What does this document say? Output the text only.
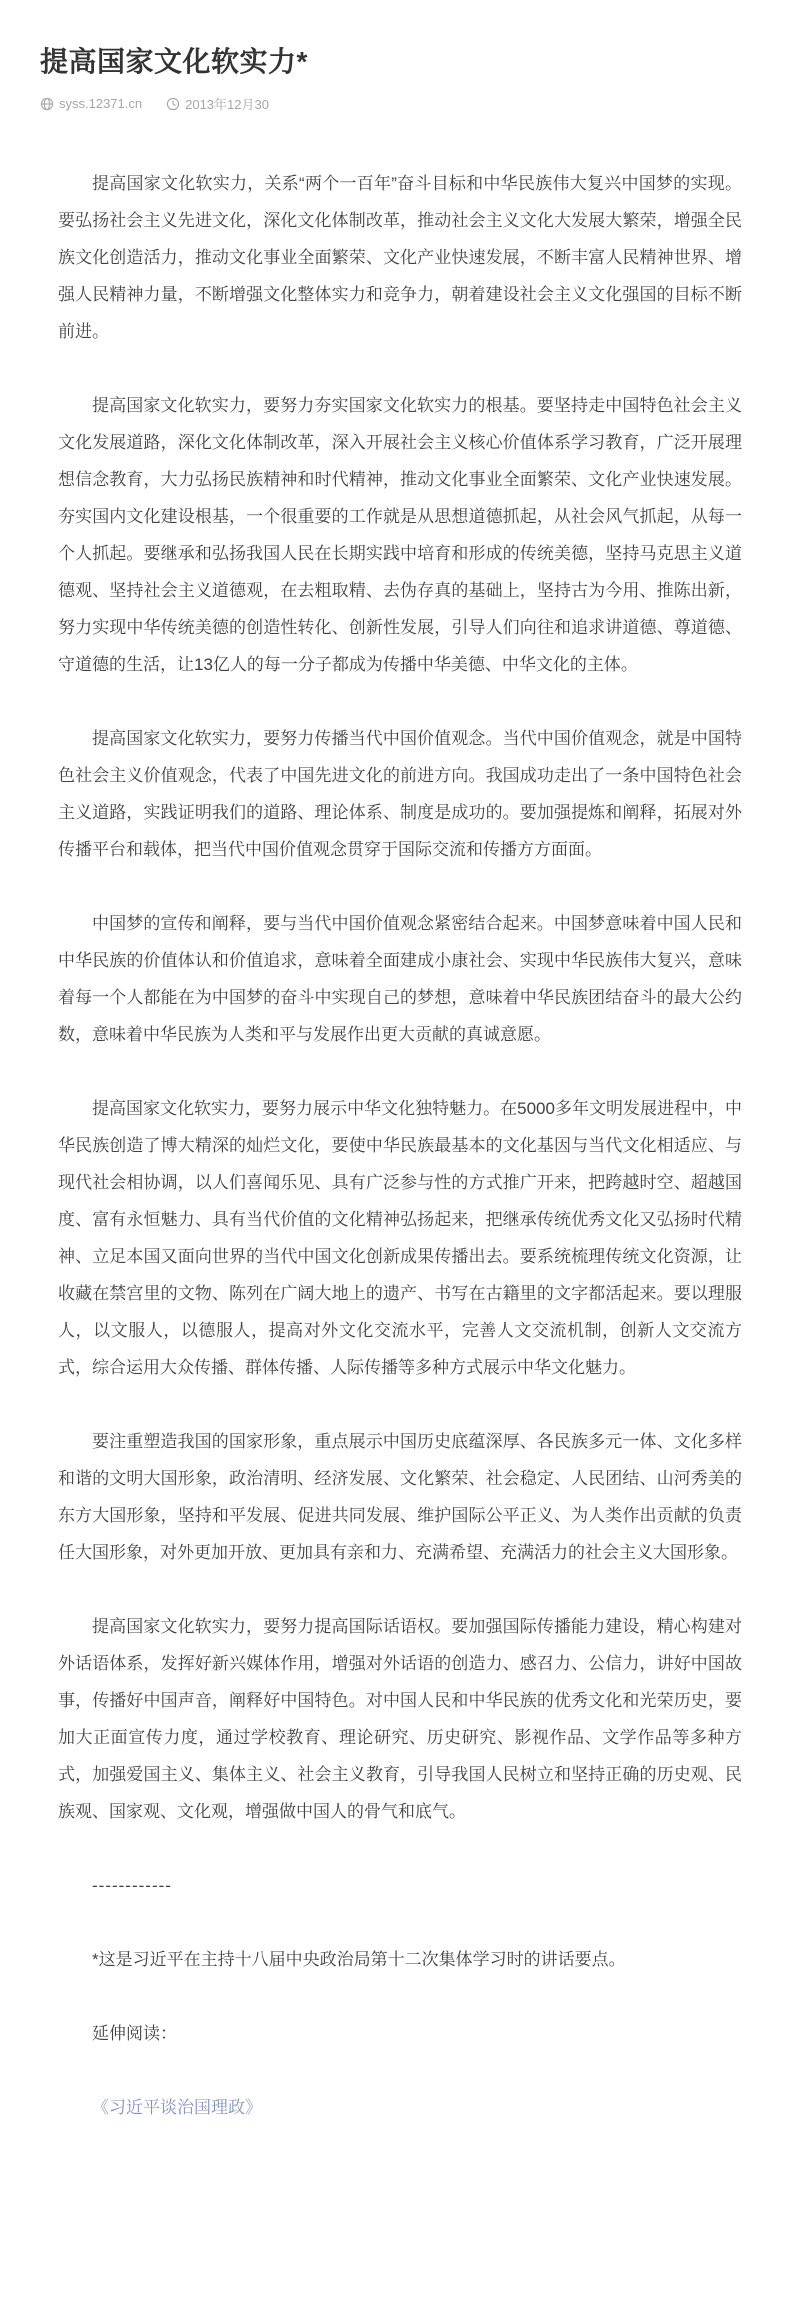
提高国家文化软实力*
syss.12371.cn	2013年12月30

提高国家文化软实力，关系“两个一百年”奋斗目标和中华民族伟大复兴中国梦的实现。要弘扬社会主义先进文化，深化文化体制改革，推动社会主义文化大发展大繁荣，增强全民族文化创造活力，推动文化事业全面繁荣、文化产业快速发展，不断丰富人民精神世界、增强人民精神力量，不断增强文化整体实力和竞争力，朝着建设社会主义文化强国的目标不断前进。

提高国家文化软实力，要努力夯实国家文化软实力的根基。要坚持走中国特色社会主义文化发展道路，深化文化体制改革，深入开展社会主义核心价值体系学习教育，广泛开展理想信念教育，大力弘扬民族精神和时代精神，推动文化事业全面繁荣、文化产业快速发展。夯实国内文化建设根基，一个很重要的工作就是从思想道德抓起，从社会风气抓起，从每一个人抓起。要继承和弘扬我国人民在长期实践中培育和形成的传统美德，坚持马克思主义道德观、坚持社会主义道德观，在去粗取精、去伪存真的基础上，坚持古为今用、推陈出新，努力实现中华传统美德的创造性转化、创新性发展，引导人们向往和追求讲道德、尊道德、守道德的生活，让13亿人的每一分子都成为传播中华美德、中华文化的主体。

提高国家文化软实力，要努力传播当代中国价值观念。当代中国价值观念，就是中国特色社会主义价值观念，代表了中国先进文化的前进方向。我国成功走出了一条中国特色社会主义道路，实践证明我们的道路、理论体系、制度是成功的。要加强提炼和阐释，拓展对外传播平台和载体，把当代中国价值观念贯穿于国际交流和传播方方面面。

中国梦的宣传和阐释，要与当代中国价值观念紧密结合起来。中国梦意味着中国人民和中华民族的价值体认和价值追求，意味着全面建成小康社会、实现中华民族伟大复兴，意味着每一个人都能在为中国梦的奋斗中实现自己的梦想，意味着中华民族团结奋斗的最大公约数，意味着中华民族为人类和平与发展作出更大贡献的真诚意愿。

提高国家文化软实力，要努力展示中华文化独特魅力。在5000多年文明发展进程中，中华民族创造了博大精深的灿烂文化，要使中华民族最基本的文化基因与当代文化相适应、与现代社会相协调，以人们喜闻乐见、具有广泛参与性的方式推广开来，把跨越时空、超越国度、富有永恒魅力、具有当代价值的文化精神弘扬起来，把继承传统优秀文化又弘扬时代精神、立足本国又面向世界的当代中国文化创新成果传播出去。要系统梳理传统文化资源，让收藏在禁宫里的文物、陈列在广阔大地上的遗产、书写在古籍里的文字都活起来。要以理服人，以文服人，以德服人，提高对外文化交流水平，完善人文交流机制，创新人文交流方式，综合运用大众传播、群体传播、人际传播等多种方式展示中华文化魅力。

要注重塑造我国的国家形象，重点展示中国历史底蕴深厚、各民族多元一体、文化多样和谐的文明大国形象，政治清明、经济发展、文化繁荣、社会稳定、人民团结、山河秀美的东方大国形象，坚持和平发展、促进共同发展、维护国际公平正义、为人类作出贡献的负责任大国形象，对外更加开放、更加具有亲和力、充满希望、充满活力的社会主义大国形象。

提高国家文化软实力，要努力提高国际话语权。要加强国际传播能力建设，精心构建对外话语体系，发挥好新兴媒体作用，增强对外话语的创造力、感召力、公信力，讲好中国故事，传播好中国声音，阐释好中国特色。对中国人民和中华民族的优秀文化和光荣历史，要加大正面宣传力度，通过学校教育、理论研究、历史研究、影视作品、文学作品等多种方式，加强爱国主义、集体主义、社会主义教育，引导我国人民树立和坚持正确的历史观、民族观、国家观、文化观，增强做中国人的骨气和底气。

------------

*这是习近平在主持十八届中央政治局第十二次集体学习时的讲话要点。

延伸阅读：

《习近平谈治国理政》
